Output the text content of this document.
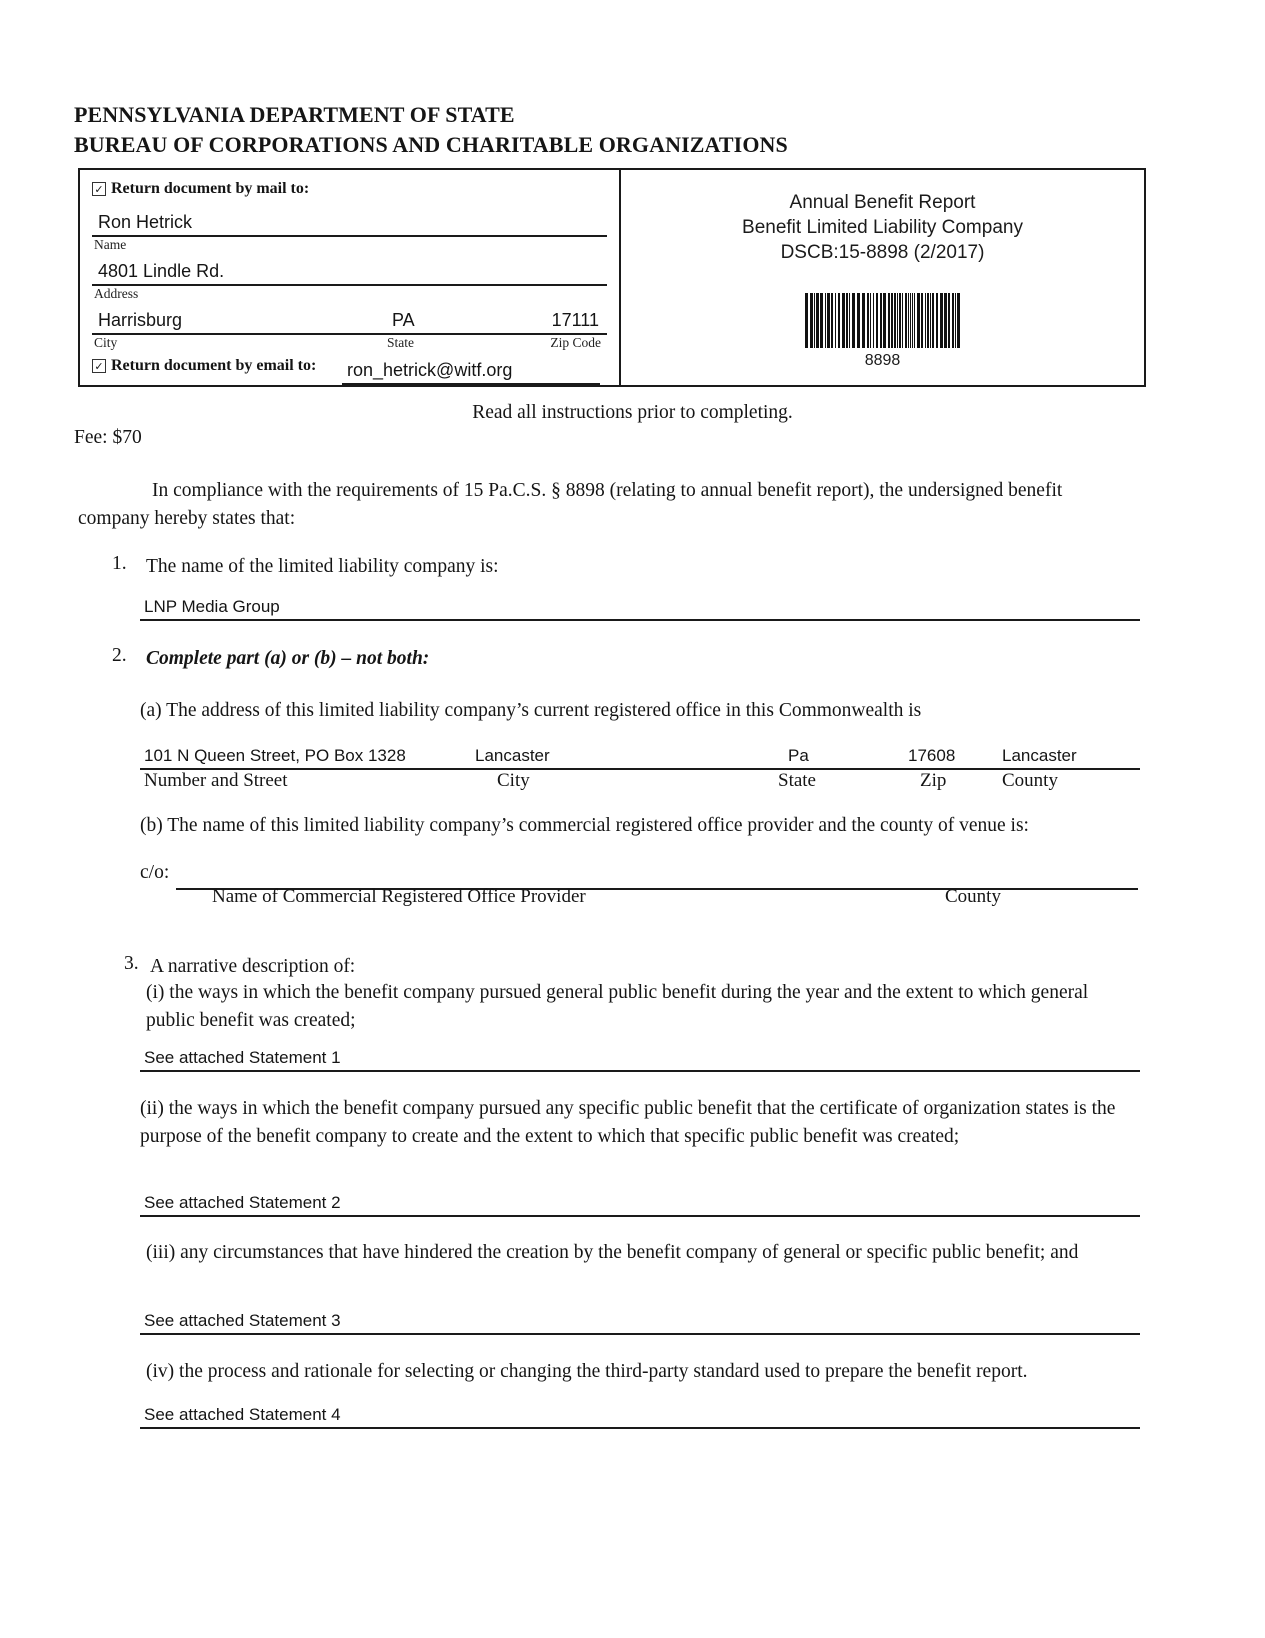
PENNSYLVANIA DEPARTMENT OF STATE
BUREAU OF CORPORATIONS AND CHARITABLE ORGANIZATIONS
✓ Return document by mail to:
Ron Hetrick
Name
4801 Lindle Rd.
Address
Harrisburg	PA	17111
City	State	Zip Code
✓ Return document by email to: ron_hetrick@witf.org
Annual Benefit Report
Benefit Limited Liability Company
DSCB:15-8898 (2/2017)
8898
Read all instructions prior to completing.
Fee: $70
In compliance with the requirements of 15 Pa.C.S. § 8898 (relating to annual benefit report), the undersigned benefit company hereby states that:
1. The name of the limited liability company is:
LNP Media Group
2. Complete part (a) or (b) – not both:
(a) The address of this limited liability company’s current registered office in this Commonwealth is
101 N Queen Street, PO Box 1328	Lancaster	Pa	17608	Lancaster
Number and Street	City	State	Zip	County
(b) The name of this limited liability company’s commercial registered office provider and the county of venue is:
c/o:
Name of Commercial Registered Office Provider	County
3. A narrative description of:
(i) the ways in which the benefit company pursued general public benefit during the year and the extent to which general public benefit was created;
See attached Statement 1
(ii) the ways in which the benefit company pursued any specific public benefit that the certificate of organization states is the purpose of the benefit company to create and the extent to which that specific public benefit was created;
See attached Statement 2
(iii) any circumstances that have hindered the creation by the benefit company of general or specific public benefit; and
See attached Statement 3
(iv) the process and rationale for selecting or changing the third-party standard used to prepare the benefit report.
See attached Statement 4
